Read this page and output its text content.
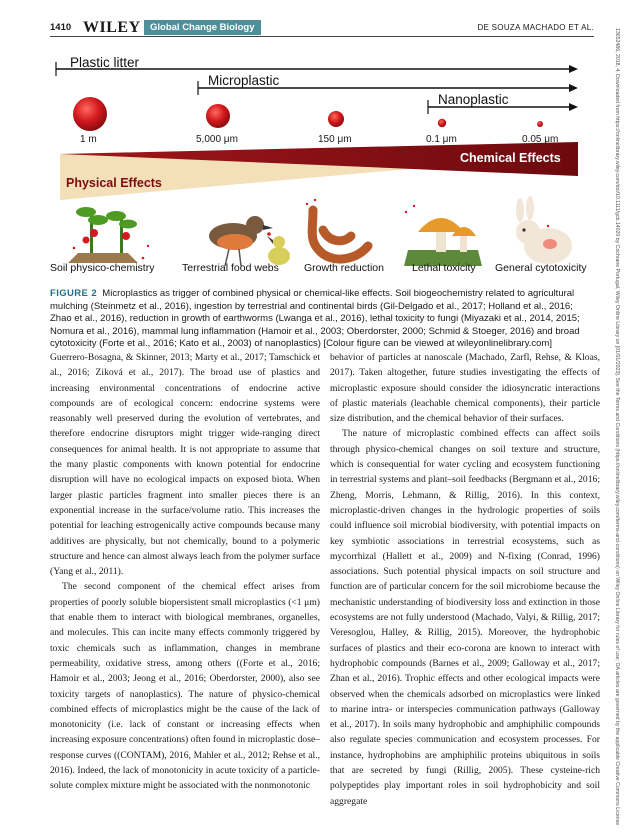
1410 WILEY Global Change Biology	DE SOUZA MACHADO ET AL.
Plastic litter
Microplastic
Nanoplastic
1 m	5,000 μm	150 μm	0.1 μm	0.05 μm
Chemical Effects
Physical Effects
Soil physico-chemistry	Terrestrial food webs Growth reduction	Lethal toxicity General cytotoxicity
FIGURE 2 Microplastics as trigger of combined physical or chemical-like effects. Soil biogeochemistry related to agricultural mulching (Steinmetz et al., 2016), ingestion by terrestrial and continental birds (Gil-Delgado et al., 2017; Holland et al., 2016; Zhao et al., 2016), reduction in growth of earthworms (Lwanga et al., 2016), lethal toxicity to fungi (Miyazaki et al., 2014, 2015; Nomura et al., 2016), mammal lung inflammation (Hamoir et al., 2003; Oberdorster, 2000; Schmid & Stoeger, 2016) and broad cytotoxicity (Forte et al., 2016; Kato et al., 2003) of nanoplastics) [Colour figure can be viewed at wileyonlinelibrary.com]

Guerrero-Bosagna, & Skinner, 2013; Marty et al., 2017; Tamschick et al., 2016; Ziková et al., 2017). The broad use of plastics and increasing environmental concentrations of endocrine active compounds are of ecological concern: endocrine systems were reasonably well preserved during the evolution of vertebrates, and therefore endocrine disruptors might trigger wide-ranging direct consequences for animal health. It is not appropriate to assume that the many plastic components with known potential for endocrine disruption will have no ecological impacts on exposed biota. When larger plastic particles fragment into smaller pieces there is an exponential increase in the surface/volume ratio. This increases the potential for leaching estrogenically active compounds because many additives are physically, but not chemically, bound to a polymeric structure and hence can almost always leach from the polymer surface (Yang et al., 2011).

The second component of the chemical effect arises from properties of poorly soluble biopersistent small microplastics (<1 μm) that enable them to interact with biological membranes, organelles, and molecules. This can incite many effects commonly triggered by toxic chemicals such as inflammation, changes in membrane permeability, oxidative stress, among others ((Forte et al., 2016; Hamoir et al., 2003; Jeong et al., 2016; Oberdorster, 2000), also see toxicity targets of nanoplastics). The nature of physico-chemical combined effects of microplastics might be the cause of the lack of monotonicity (i.e. lack of constant or increasing effects when increasing exposure concentrations) often found in microplastic dose–response curves ((CONTAM), 2016, Mahler et al., 2012; Rehse et al., 2016). Indeed, the lack of monotonicity in acute toxicity of a particle-solute complex mixture might be associated with the nonmonotonic

behavior of particles at nanoscale (Machado, Zarfl, Rehse, & Kloas, 2017). Taken altogether, future studies investigating the effects of microplastic exposure should consider the idiosyncratic interactions of plastic materials (leachable chemical components), their particle size distribution, and the chemical behavior of their surfaces.

The nature of microplastic combined effects can affect soils through physico-chemical changes on soil texture and structure, which is consequential for water cycling and ecosystem functioning in terrestrial systems and plant–soil feedbacks (Bergmann et al., 2016; Zheng, Morris, Lehmann, & Rillig, 2016). In this context, microplastic-driven changes in the hydrologic properties of soils could influence soil microbial biodiversity, with potential impacts on key symbiotic associations in terrestrial ecosystems, such as mycorrhizal (Hallett et al., 2009) and N-fixing (Conrad, 1996) associations. Such potential physical impacts on soil structure and function are of particular concern for the soil microbiome because the mechanistic understanding of biodiversity loss and extinction in those ecosystems are not fully understood (Machado, Valyi, & Rillig, 2017; Veresoglou, Halley, & Rillig, 2015). Moreover, the hydrophobic surfaces of plastics and their eco-corona are known to interact with hydrophobic compounds (Barnes et al., 2009; Galloway et al., 2017; Zhan et al., 2016). Trophic effects and other ecological impacts were observed when the chemicals adsorbed on microplastics were linked to marine intra- or interspecies communication pathways (Galloway et al., 2017). In soils many hydrophobic and amphiphilic compounds also regulate species communication and ecosystem processes. For instance, hydrophobins are amphiphilic proteins ubiquitous in soils that are secreted by fungi (Rillig, 2005). These cysteine-rich polypeptides play important roles in soil hydrophobicity and soil aggregate	13652486, 2018, 4, Downloaded from https://onlinelibrary.wiley.com/doi/10.1111/gcb.14020 by Cochrane Portugal, Wiley Online Library on [01/01/2023]. See the Terms and Conditions (https://onlinelibrary.wiley.com/terms-and-conditions) on Wiley Online Library for rules of use; OA articles are governed by the applicable Creative Commons License
